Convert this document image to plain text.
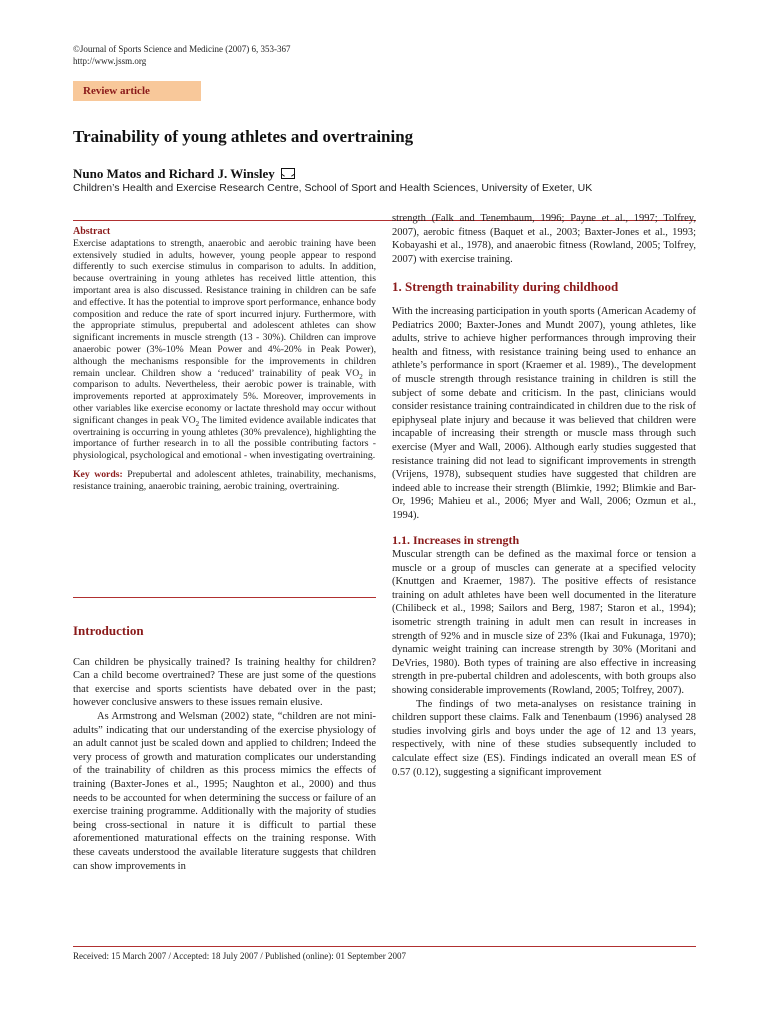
©Journal of Sports Science and Medicine (2007) 6, 353-367
http://www.jssm.org
Review article
Trainability of young athletes and overtraining
Nuno Matos and Richard J. Winsley
Children’s Health and Exercise Research Centre, School of Sport and Health Sciences, University of Exeter, UK
Abstract

Exercise adaptations to strength, anaerobic and aerobic training have been extensively studied in adults, however, young people appear to respond differently to such exercise stimulus in comparison to adults. In addition, because overtraining in young athletes has received little attention, this important area is also discussed. Resistance training in children can be safe and effective. It has the potential to improve sport performance, enhance body composition and reduce the rate of sport incurred injury. Furthermore, with the appropriate stimulus, prepubertal and adolescent athletes can show significant increments in muscle strength (13 - 30%). Children can improve anaerobic power (3%-10% Mean Power and 4%-20% in Peak Power), although the mechanisms responsible for the improvements in children remain unclear. Children show a ‘reduced’ trainability of peak $VO_2$ in comparison to adults. Nevertheless, their aerobic power is trainable, with improvements reported at approximately 5%. Moreover, improvements in other variables like exercise economy or lactate threshold may occur without significant changes in peak $VO_2$ The limited evidence available indicates that overtraining is occurring in young athletes (30% prevalence), highlighting the importance of further research in to all the possible contributing factors - physiological, psychological and emotional - when investigating overtraining.

Key words: Prepubertal and adolescent athletes, trainability, mechanisms, resistance training, anaerobic training, aerobic training, overtraining.

Introduction

Can children be physically trained? Is training healthy for children? Can a child become overtrained? These are just some of the questions that exercise and sports scientists have debated over in the past; however conclusive answers to these issues remain elusive.

As Armstrong and Welsman (2002) state, “children are not mini-adults” indicating that our understanding of the exercise physiology of an adult cannot just be scaled down and applied to children; Indeed the very process of growth and maturation complicates our understanding of the trainability of children as this process mimics the effects of training (Baxter-Jones et al., 1995; Naughton et al., 2000) and thus needs to be accounted for when determining the success or failure of an exercise training programme. Additionally with the majority of studies being cross-sectional in nature it is difficult to partial these aforementioned maturational effects on the training response. With these caveats understood the available literature suggests that children can show improvements in

strength (Falk and Tenembaum, 1996; Payne et al., 1997; Tolfrey, 2007), aerobic fitness (Baquet et al., 2003; Baxter-Jones et al., 1993; Kobayashi et al., 1978), and anaerobic fitness (Rowland, 2005; Tolfrey, 2007) with exercise training.

1. Strength trainability during childhood

With the increasing participation in youth sports (American Academy of Pediatrics 2000; Baxter-Jones and Mundt 2007), young athletes, like adults, strive to achieve higher performances through improving their health and fitness, with resistance training being used to enhance an athlete’s performance in sport (Kraemer et al. 1989)., The development of muscle strength through resistance training in children is still the subject of some debate and criticism. In the past, clinicians would consider resistance training contraindicated in children due to the risk of epiphyseal plate injury and because it was believed that children were incapable of increasing their strength or muscle mass through such exercise (Myer and Wall, 2006). Although early studies suggested that resistance training did not lead to significant improvements in strength (Vrijens, 1978), subsequent studies have suggested that children are indeed able to increase their strength (Blimkie, 1992; Blimkie and Bar-Or, 1996; Mahieu et al., 2006; Myer and Wall, 2006; Ozmun et al., 1994).

1.1. Increases in strength

Muscular strength can be defined as the maximal force or tension a muscle or a group of muscles can generate at a specified velocity (Knuttgen and Kraemer, 1987). The positive effects of resistance training on adult athletes have been well documented in the literature (Chilibeck et al., 1998; Sailors and Berg, 1987; Staron et al., 1994); isometric strength training in adult men can result in increases in strength of 92% and in muscle size of 23% (Ikai and Fukunaga, 1970); dynamic weight training can increase strength by 30% (Moritani and DeVries, 1980). Both types of training are also effective in increasing strength in pre-pubertal children and adolescents, with both groups also showing considerable improvements (Rowland, 2005; Tolfrey, 2007).

The findings of two meta-analyses on resistance training in children support these claims. Falk and Tenenbaum (1996) analysed 28 studies involving girls and boys under the age of 12 and 13 years, respectively, with nine of these studies subsequently included to calculate effect size (ES). Findings indicated an overall mean ES of 0.57 (0.12), suggesting a significant improvement

Received: 15 March 2007 / Accepted: 18 July 2007 / Published (online): 01 September 2007
